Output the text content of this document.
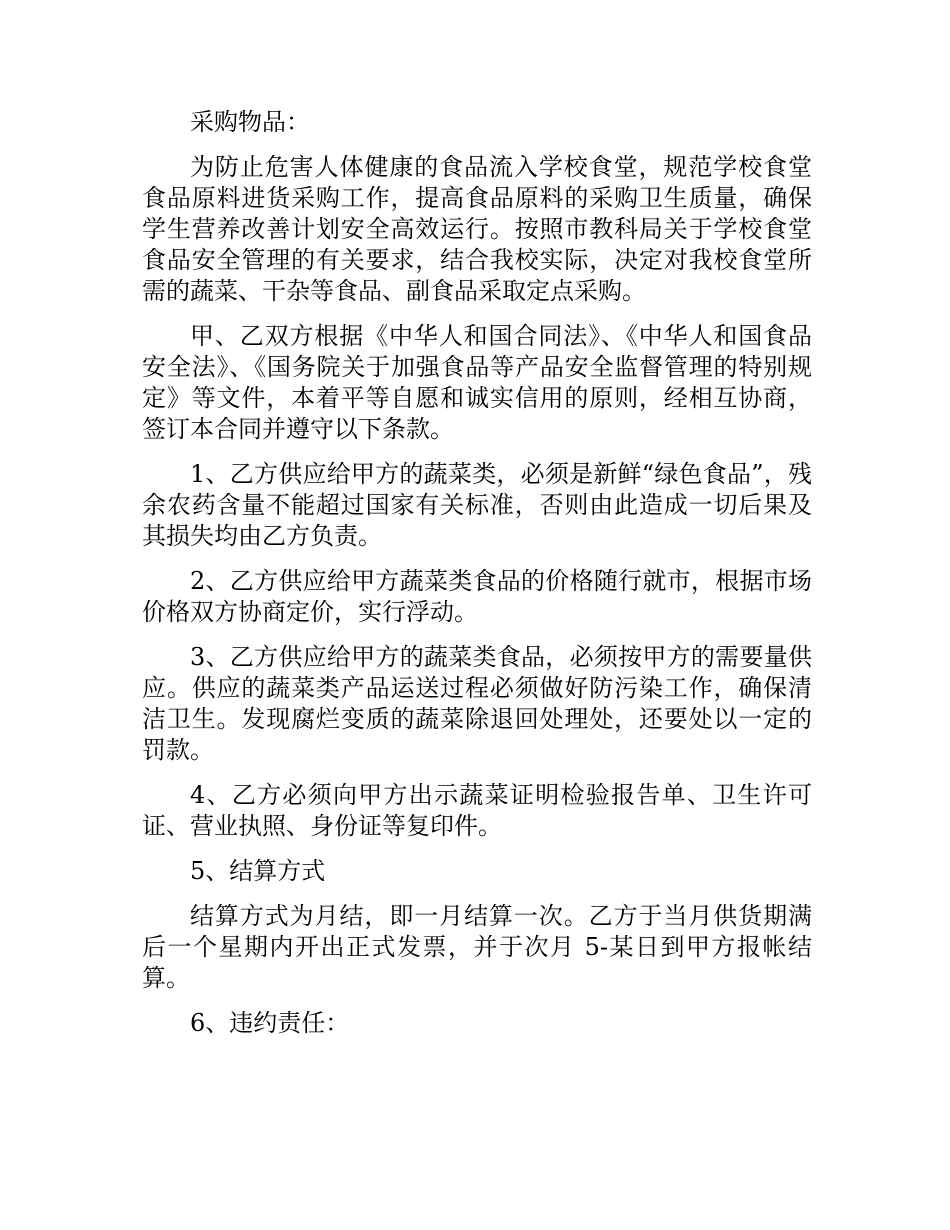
采购物品：

为防止危害人体健康的食品流入学校食堂，规范学校食堂食品原料进货采购工作，提高食品原料的采购卫生质量，确保学生营养改善计划安全高效运行。按照市教科局关于学校食堂食品安全管理的有关要求，结合我校实际，决定对我校食堂所需的蔬菜、干杂等食品、副食品采取定点采购。

甲、乙双方根据《中华人和国合同法》、《中华人和国食品安全法》、《国务院关于加强食品等产品安全监督管理的特别规定》等文件，本着平等自愿和诚实信用的原则，经相互协商，签订本合同并遵守以下条款。

1、乙方供应给甲方的蔬菜类，必须是新鲜“绿色食品”，残余农药含量不能超过国家有关标准，否则由此造成一切后果及其损失均由乙方负责。

2、乙方供应给甲方蔬菜类食品的价格随行就市，根据市场价格双方协商定价，实行浮动。

3、乙方供应给甲方的蔬菜类食品，必须按甲方的需要量供应。供应的蔬菜类产品运送过程必须做好防污染工作，确保清洁卫生。发现腐烂变质的蔬菜除退回处理处，还要处以一定的罚款。

4、乙方必须向甲方出示蔬菜证明检验报告单、卫生许可证、营业执照、身份证等复印件。

5、结算方式

结算方式为月结，即一月结算一次。乙方于当月供货期满后一个星期内开出正式发票，并于次月 5-某日到甲方报帐结算。

6、违约责任：
